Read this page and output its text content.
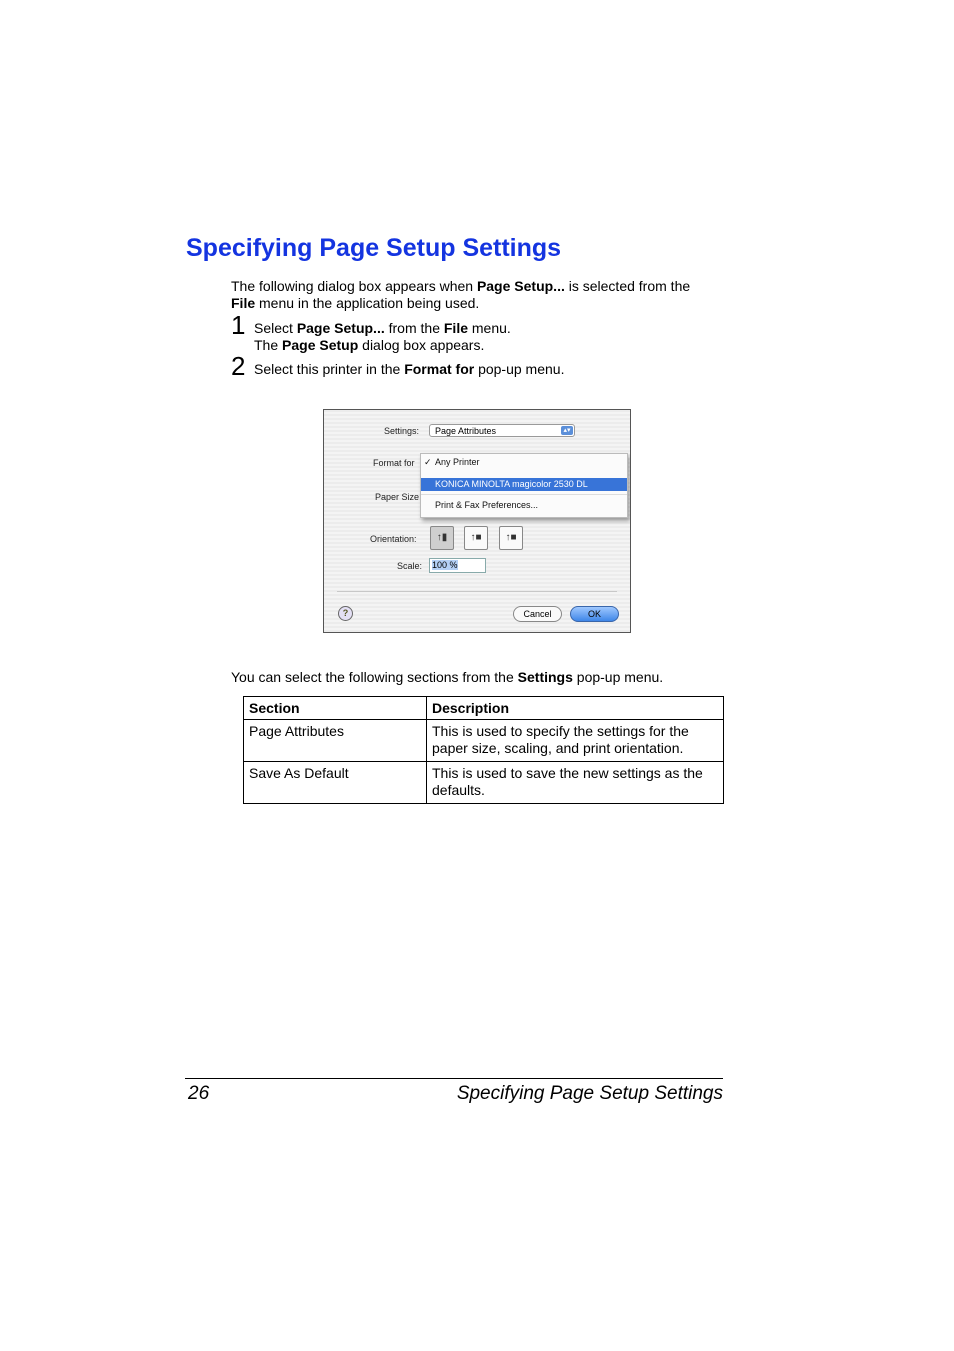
Specifying Page Setup Settings
The following dialog box appears when Page Setup... is selected from the
File menu in the application being used.
1 Select Page Setup... from the File menu.
The Page Setup dialog box appears.
2 Select this printer in the Format for pop-up menu.
Settings:	Page Attributes	▴▾
Format for
Paper Size
✓ Any Printer
KONICA MINOLTA magicolor 2530 DL
Print & Fax Preferences...
Orientation:	↑▮	↑■	↑■
Scale:	100 %
?	Cancel	OK
You can select the following sections from the Settings pop-up menu.
Section	Description
Page Attributes	This is used to specify the settings for the
paper size, scaling, and print orientation.
Save As Default	This is used to save the new settings as the
defaults.
26	Specifying Page Setup Settings
